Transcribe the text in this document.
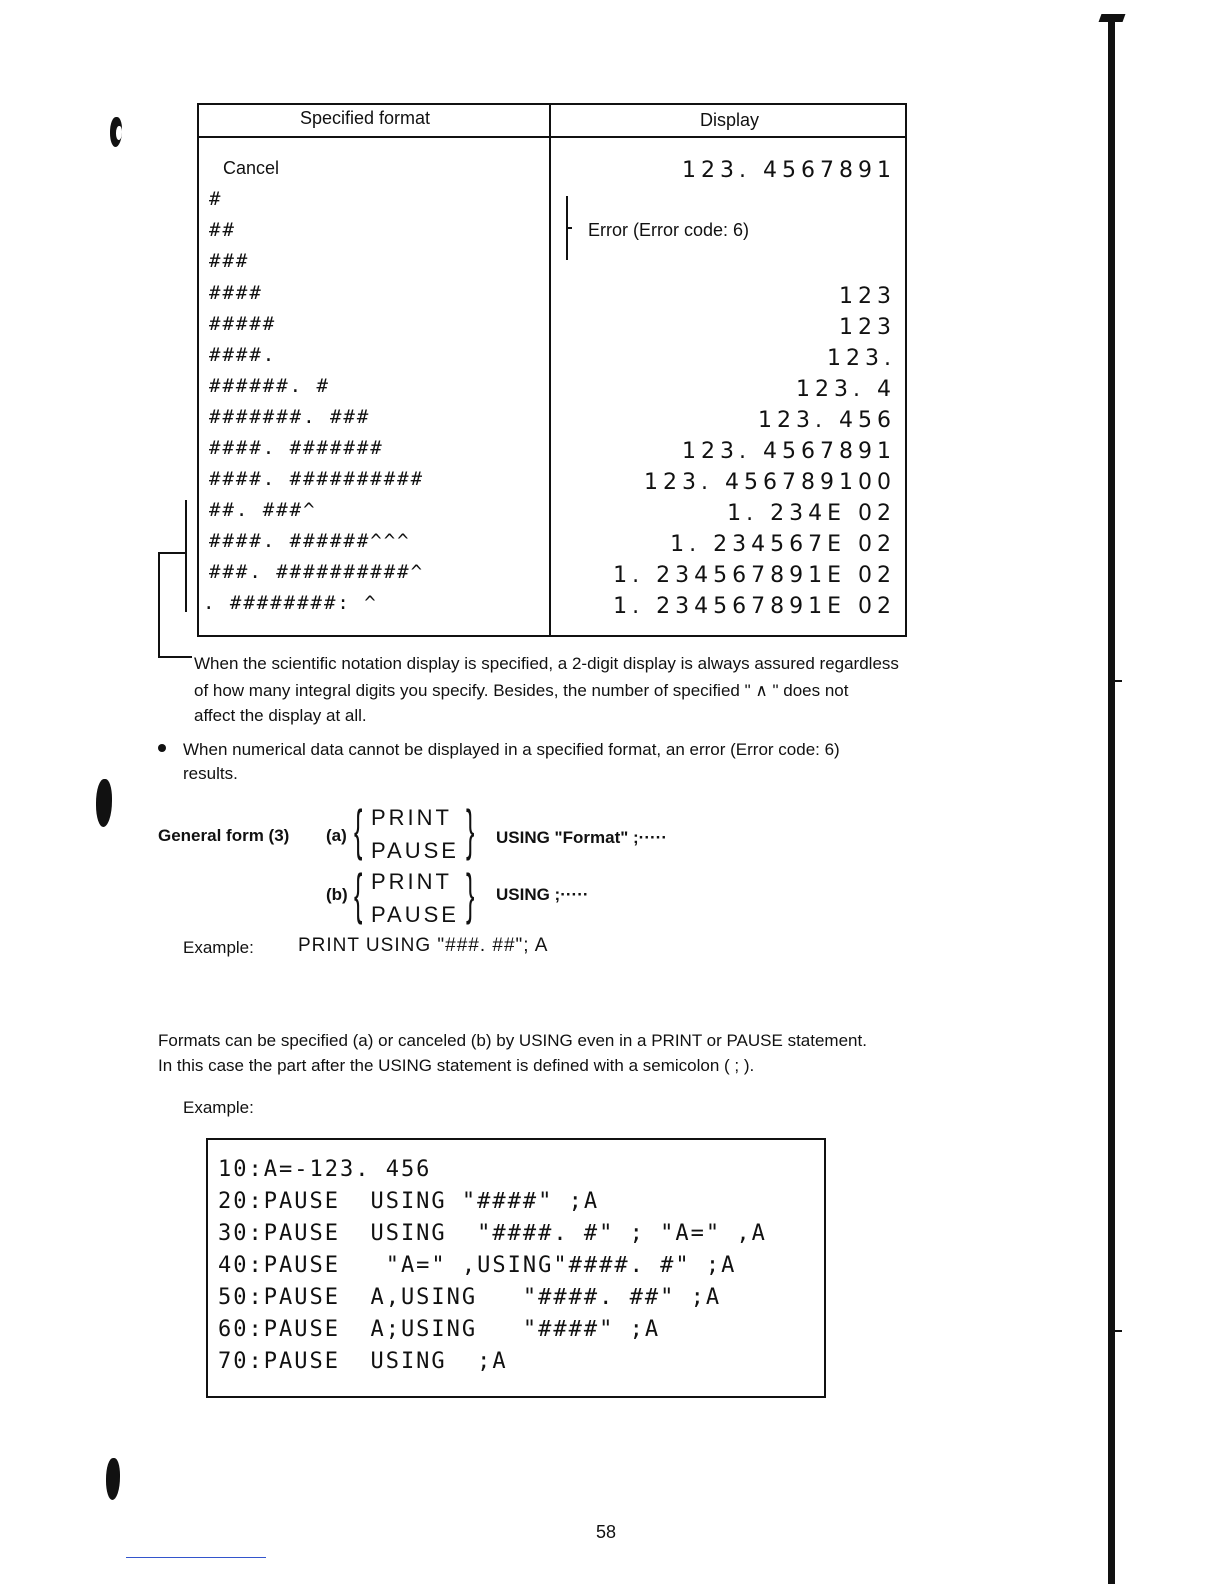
Specified format	Display
Cancel	123. 4567891
#
##
###
Error (Error code: 6)
####	123
#####	123
####.	123.
######. #	123. 4
#######. ###	123. 456
####. #######	123. 4567891
####. ##########	123. 456789100
##. ###^	1. 234E 02
####. ######^^^	1. 234567E 02
###. ##########^	1. 234567891E 02
. ########: ^	1. 234567891E 02
When the scientific notation display is specified, a 2-digit display is always assured regardless
of how many integral digits you specify. Besides, the number of specified " ∧ " does not
affect the display at all.
When numerical data cannot be displayed in a specified format, an error (Error code: 6)
results.
General form (3) (a) { PRINT
PAUSE } USING "Format" ;·····
(b) { PRINT
PAUSE } USING ;·····
Example: PRINT USING "###. ##"; A
Formats can be specified (a) or canceled (b) by USING even in a PRINT or PAUSE statement.
In this case the part after the USING statement is defined with a semicolon ( ; ).
Example:
10:A=-123. 456
20:PAUSE  USING "####" ;A
30:PAUSE  USING  "####. #" ; "A=" ,A
40:PAUSE   "A=" ,USING"####. #" ;A
50:PAUSE  A,USING   "####. ##" ;A
60:PAUSE  A;USING   "####" ;A
70:PAUSE  USING  ;A
58
